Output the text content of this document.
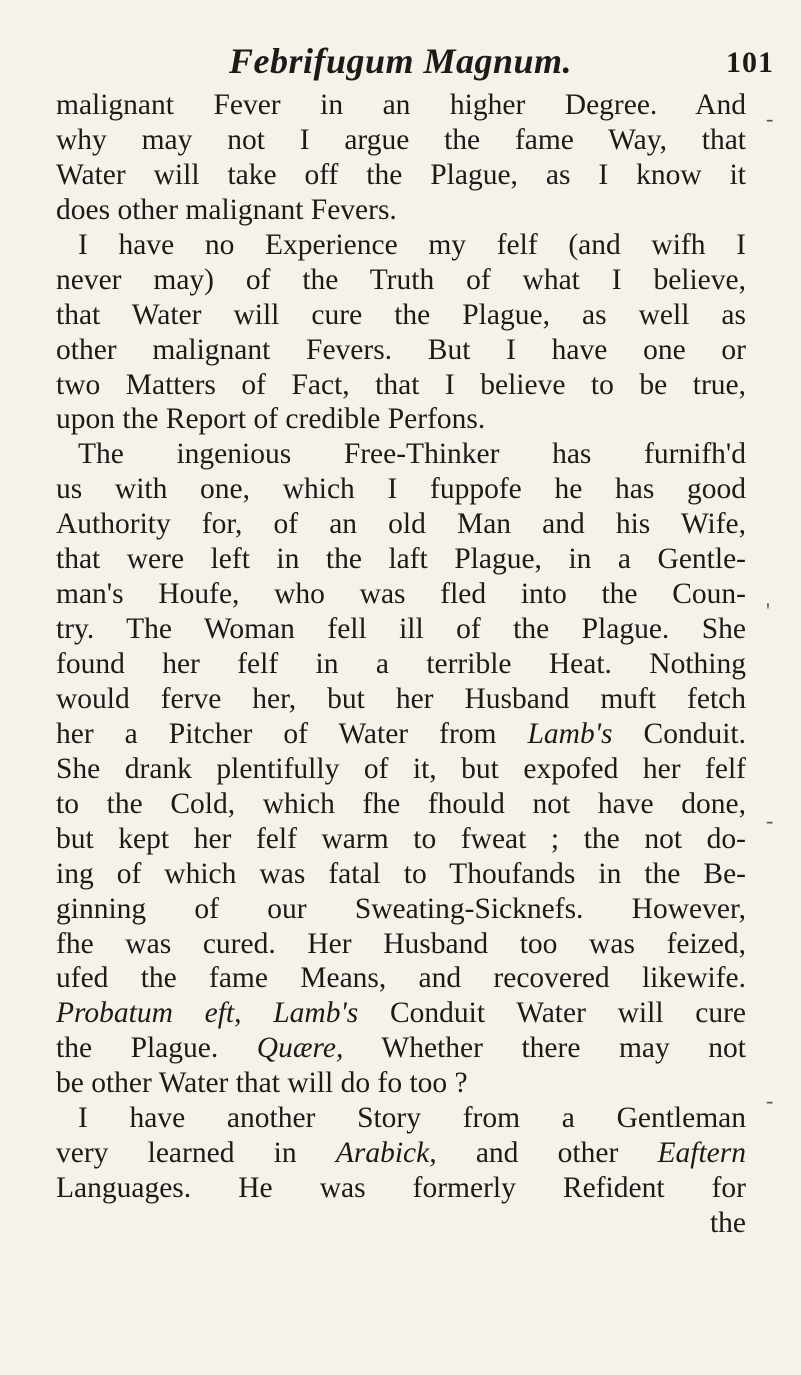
Febrifugum Magnum.	101
malignant Fever in an higher Degree. And
why may not I argue the fame Way, that
Water will take off the Plague, as I know it
does other malignant Fevers.
I have no Experience my felf (and wifh I
never may) of the Truth of what I believe,
that Water will cure the Plague, as well as
other malignant Fevers. But I have one or
two Matters of Fact, that I believe to be true,
upon the Report of credible Perfons.
The ingenious Free-Thinker has furnifh'd
us with one, which I fuppofe he has good
Authority for, of an old Man and his Wife,
that were left in the laft Plague, in a Gentle-
man's Houfe, who was fled into the Coun-
try. The Woman fell ill of the Plague. She
found her felf in a terrible Heat. Nothing
would ferve her, but her Husband muft fetch
her a Pitcher of Water from Lamb's Conduit.
She drank plentifully of it, but expofed her felf
to the Cold, which fhe fhould not have done,
but kept her felf warm to fweat ; the not do-
ing of which was fatal to Thoufands in the Be-
ginning of our Sweating-Sicknefs. However,
fhe was cured. Her Husband too was feized,
ufed the fame Means, and recovered likewife.
Probatum eft, Lamb's Conduit Water will cure
the Plague. Quære, Whether there may not
be other Water that will do fo too ?
I have another Story from a Gentleman
very learned in Arabick, and other Eaftern
Languages. He was formerly Refident for
the
-
-
-
'
